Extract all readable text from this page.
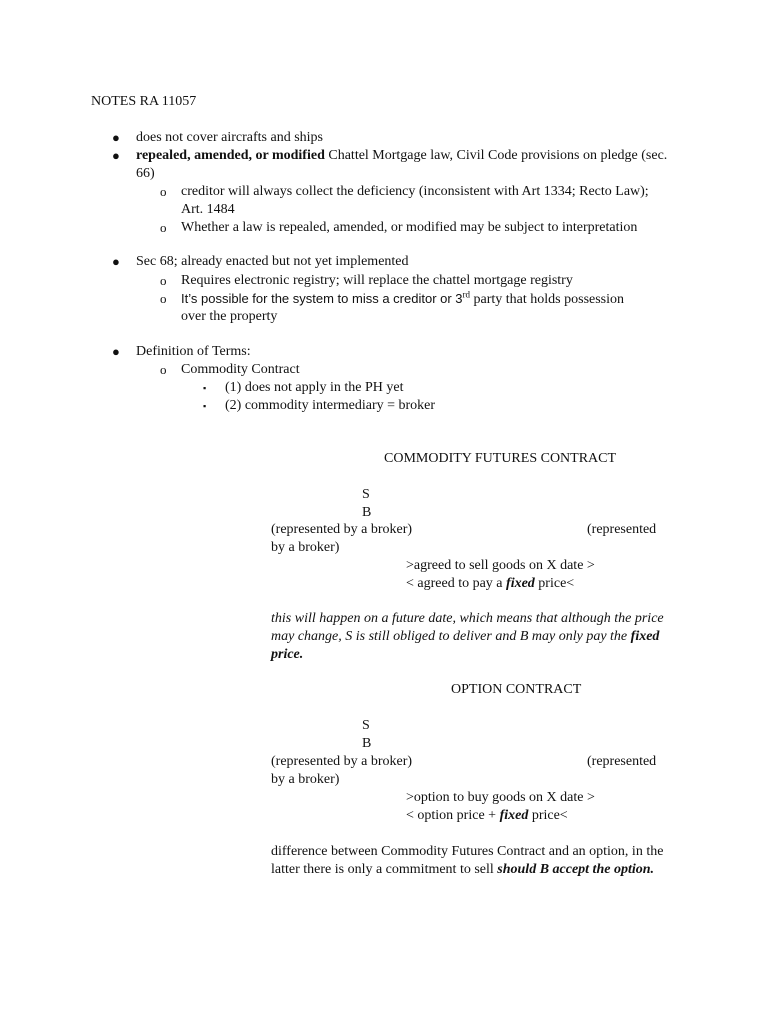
NOTES RA 11057
● does not cover aircrafts and ships
● repealed, amended, or modified Chattel Mortgage law, Civil Code provisions on pledge (sec. 66)
o creditor will always collect the deficiency (inconsistent with Art 1334; Recto Law); Art. 1484
o Whether a law is repealed, amended, or modified may be subject to interpretation
● Sec 68; already enacted but not yet implemented
o Requires electronic registry; will replace the chattel mortgage registry
o It’s possible for the system to miss a creditor or 3rd party that holds possession
over the property
● Definition of Terms:
o Commodity Contract
▪ (1) does not apply in the PH yet
▪ (2) commodity intermediary = broker
COMMODITY FUTURES CONTRACT
S
B
(represented by a broker)	(represented
by a broker)
>agreed to sell goods on X date >
< agreed to pay a fixed price<
this will happen on a future date, which means that although the price may change, S is still obliged to deliver and B may only pay the fixed price.
OPTION CONTRACT
S
B
(represented by a broker)	(represented
by a broker)
>option to buy goods on X date >
< option price + fixed price<
difference between Commodity Futures Contract and an option, in the latter there is only a commitment to sell should B accept the option.
